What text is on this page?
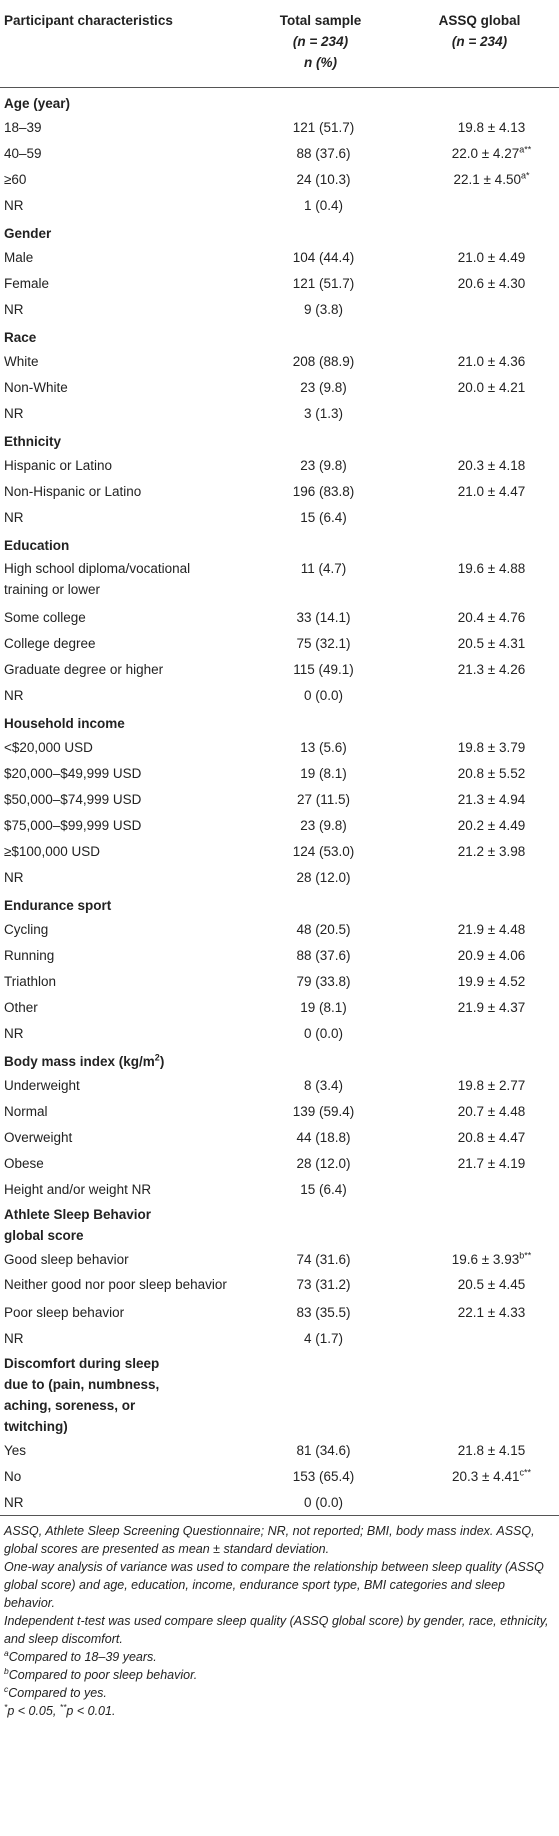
Participant characteristics	Total sample	ASSQ global
	(n = 234)	(n = 234)
	n (%)	
Age (year)		
18–39	121 (51.7)	19.8 ± 4.13
40–59	88 (37.6)	$22.0 \pm 4.27^{a**}$
≥60	24 (10.3)	$22.1 \pm 4.50^{a*}$
NR	1 (0.4)	
Gender		
Male	104 (44.4)	21.0 ± 4.49
Female	121 (51.7)	20.6 ± 4.30
NR	9 (3.8)	
Race		
White	208 (88.9)	21.0 ± 4.36
Non-White	23 (9.8)	20.0 ± 4.21
NR	3 (1.3)	
Ethnicity		
Hispanic or Latino	23 (9.8)	20.3 ± 4.18
Non-Hispanic or Latino	196 (83.8)	21.0 ± 4.47
NR	15 (6.4)	
Education		
High school diploma/vocational training or lower	11 (4.7)	19.6 ± 4.88
Some college	33 (14.1)	20.4 ± 4.76
College degree	75 (32.1)	20.5 ± 4.31
Graduate degree or higher	115 (49.1)	21.3 ± 4.26
NR	0 (0.0)	
Household income		
<$20,000 USD	13 (5.6)	19.8 ± 3.79
$20,000–$49,999 USD	19 (8.1)	20.8 ± 5.52
$50,000–$74,999 USD	27 (11.5)	21.3 ± 4.94
$75,000–$99,999 USD	23 (9.8)	20.2 ± 4.49
≥$100,000 USD	124 (53.0)	21.2 ± 3.98
NR	28 (12.0)	
Endurance sport		
Cycling	48 (20.5)	21.9 ± 4.48
Running	88 (37.6)	20.9 ± 4.06
Triathlon	79 (33.8)	19.9 ± 4.52
Other	19 (8.1)	21.9 ± 4.37
NR	0 (0.0)	
Body mass index $(kg/m^2)$		
Underweight	8 (3.4)	19.8 ± 2.77
Normal	139 (59.4)	20.7 ± 4.48
Overweight	44 (18.8)	20.8 ± 4.47
Obese	28 (12.0)	21.7 ± 4.19
Height and/or weight NR	15 (6.4)	
Athlete Sleep Behavior global score		
Good sleep behavior	74 (31.6)	$19.6 \pm 3.93^{b**}$
Neither good nor poor sleep behavior	73 (31.2)	20.5 ± 4.45
Poor sleep behavior	83 (35.5)	22.1 ± 4.33
NR	4 (1.7)	
Discomfort during sleep due to (pain, numbness, aching, soreness, or twitching)		
Yes	81 (34.6)	21.8 ± 4.15
No	153 (65.4)	$20.3 \pm 4.41^{c**}$
NR	0 (0.0)	

ASSQ, Athlete Sleep Screening Questionnaire; NR, not reported; BMI, body mass index. ASSQ, global scores are presented as mean ± standard deviation.

One-way analysis of variance was used to compare the relationship between sleep quality (ASSQ global score) and age, education, income, endurance sport type, BMI categories and sleep behavior.

Independent t-test was used compare sleep quality (ASSQ global score) by gender, race, ethnicity, and sleep discomfort.

$^a$Compared to 18–39 years.

$^b$Compared to poor sleep behavior.

$^c$Compared to yes.

*p < 0.05, **p < 0.01.
